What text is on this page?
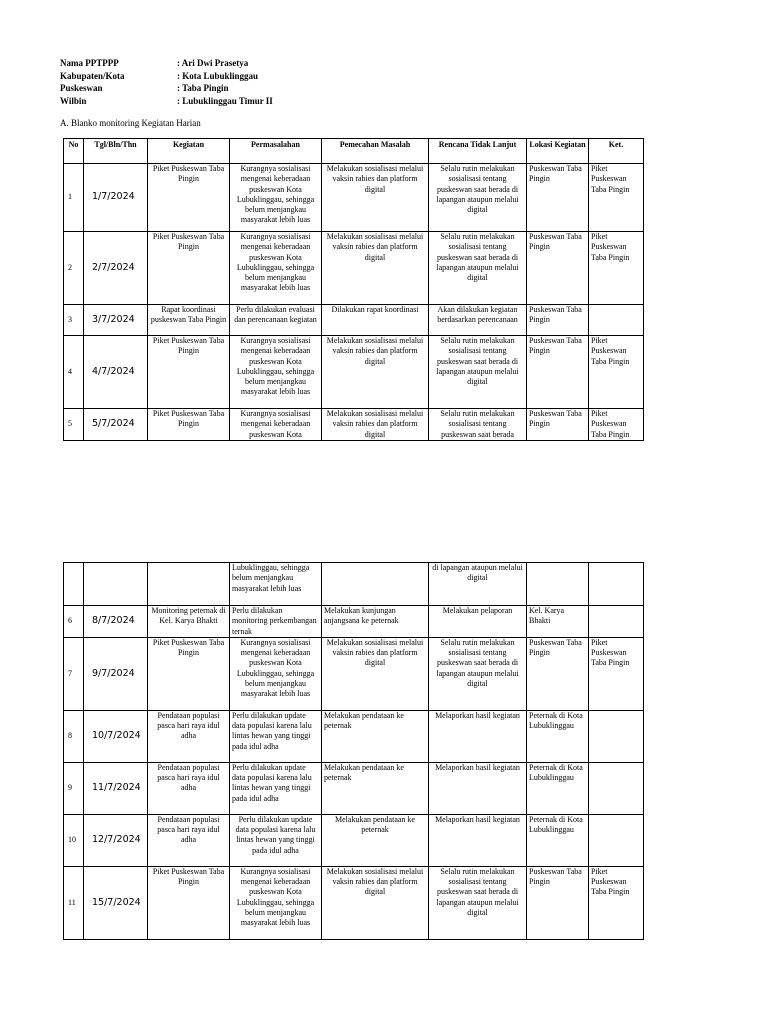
Nama PPTPPP	: Ari Dwi Prasetya
Kabupaten/Kota	: Kota Lubuklinggau
Puskeswan	: Taba Pingin
Wilbin	: Lubuklinggau Timur II
A. Blanko monitoring Kegiatan Harian
No	Tgl/Bln/Thn	Kegiatan	Permasalahan	Pemecahan Masalah	Rencana Tidak Lanjut	Lokasi Kegiatan	Ket.

1	1/7/2024	Piket Puskeswan Taba Pingin	Kurangnya sosialisasi mengenai keberadaan puskeswan Kota Lubuklinggau, sehingga belum menjangkau masyarakat lebih luas	Melakukan sosialisasi melalui vaksin rabies dan platform digital	Selalu rutin melakukan sosialisasi tentang puskeswan saat berada di lapangan ataupun melalui digital	Puskeswan Taba Pingin	Piket Puskeswan Taba Pingin

2	2/7/2024	Piket Puskeswan Taba Pingin	Kurangnya sosialisasi mengenai keberadaan puskeswan Kota Lubuklinggau, sehingga belum menjangkau masyarakat lebih luas	Melakukan sosialisasi melalui vaksin rabies dan platform digital	Selalu rutin melakukan sosialisasi tentang puskeswan saat berada di lapangan ataupun melalui digital	Puskeswan Taba Pingin	Piket Puskeswan Taba Pingin

3	3/7/2024	Rapat koordinasi puskeswan Taba Pingin	Perlu dilakukan evaluasi dan perencanaan kegiatan	Dilakukan rapat koordinasi	Akan dilakukan kegiatan berdasarkan perencanaan	Puskeswan Taba Pingin	

4	4/7/2024	Piket Puskeswan Taba Pingin	Kurangnya sosialisasi mengenai keberadaan puskeswan Kota Lubuklinggau, sehingga belum menjangkau masyarakat lebih luas	Melakukan sosialisasi melalui vaksin rabies dan platform digital	Selalu rutin melakukan sosialisasi tentang puskeswan saat berada di lapangan ataupun melalui digital	Puskeswan Taba Pingin	Piket Puskeswan Taba Pingin

5	5/7/2024	Piket Puskeswan Taba Pingin	Kurangnya sosialisasi mengenai keberadaan puskeswan Kota	Melakukan sosialisasi melalui vaksin rabies dan platform digital	Selalu rutin melakukan sosialisasi tentang puskeswan saat berada	Puskeswan Taba Pingin	Piket Puskeswan Taba Pingin

			Lubuklinggau, sehingga belum menjangkau masyarakat lebih luas		di lapangan ataupun melalui digital		

6	8/7/2024	Monitoring peternak di Kel. Karya Bhakti	Perlu dilakukan monitoring perkembangan ternak	Melakukan kunjungan anjangsana ke peternak	Melakukan pelaporan	Kel. Karya Bhakti	

7	9/7/2024	Piket Puskeswan Taba Pingin	Kurangnya sosialisasi mengenai keberadaan puskeswan Kota Lubuklinggau, sehingga belum menjangkau masyarakat lebih luas	Melakukan sosialisasi melalui vaksin rabies dan platform digital	Selalu rutin melakukan sosialisasi tentang puskeswan saat berada di lapangan ataupun melalui digital	Puskeswan Taba Pingin	Piket Puskeswan Taba Pingin

8	10/7/2024	Pendataan populasi pasca hari raya idul adha	Perlu dilakukan update data populasi karena lalu lintas hewan yang tinggi pada idul adha	Melakukan pendataan ke peternak	Melaporkan hasil kegiatan	Peternak di Kota Lubuklinggau	

9	11/7/2024	Pendataan populasi pasca hari raya idul adha	Perlu dilakukan update data populasi karena lalu lintas hewan yang tinggi pada idul adha	Melakukan pendataan ke peternak	Melaporkan hasil kegiatan	Peternak di Kota Lubuklinggau	

10	12/7/2024	Pendataan populasi pasca hari raya idul adha	Perlu dilakukan update data populasi karena lalu lintas hewan yang tinggi pada idul adha	Melakukan pendataan ke peternak	Melaporkan hasil kegiatan	Peternak di Kota Lubuklinggau	

11	15/7/2024	Piket Puskeswan Taba Pingin	Kurangnya sosialisasi mengenai keberadaan puskeswan Kota Lubuklinggau, sehingga belum menjangkau masyarakat lebih luas	Melakukan sosialisasi melalui vaksin rabies dan platform digital	Selalu rutin melakukan sosialisasi tentang puskeswan saat berada di lapangan ataupun melalui digital	Puskeswan Taba Pingin	Piket Puskeswan Taba Pingin
